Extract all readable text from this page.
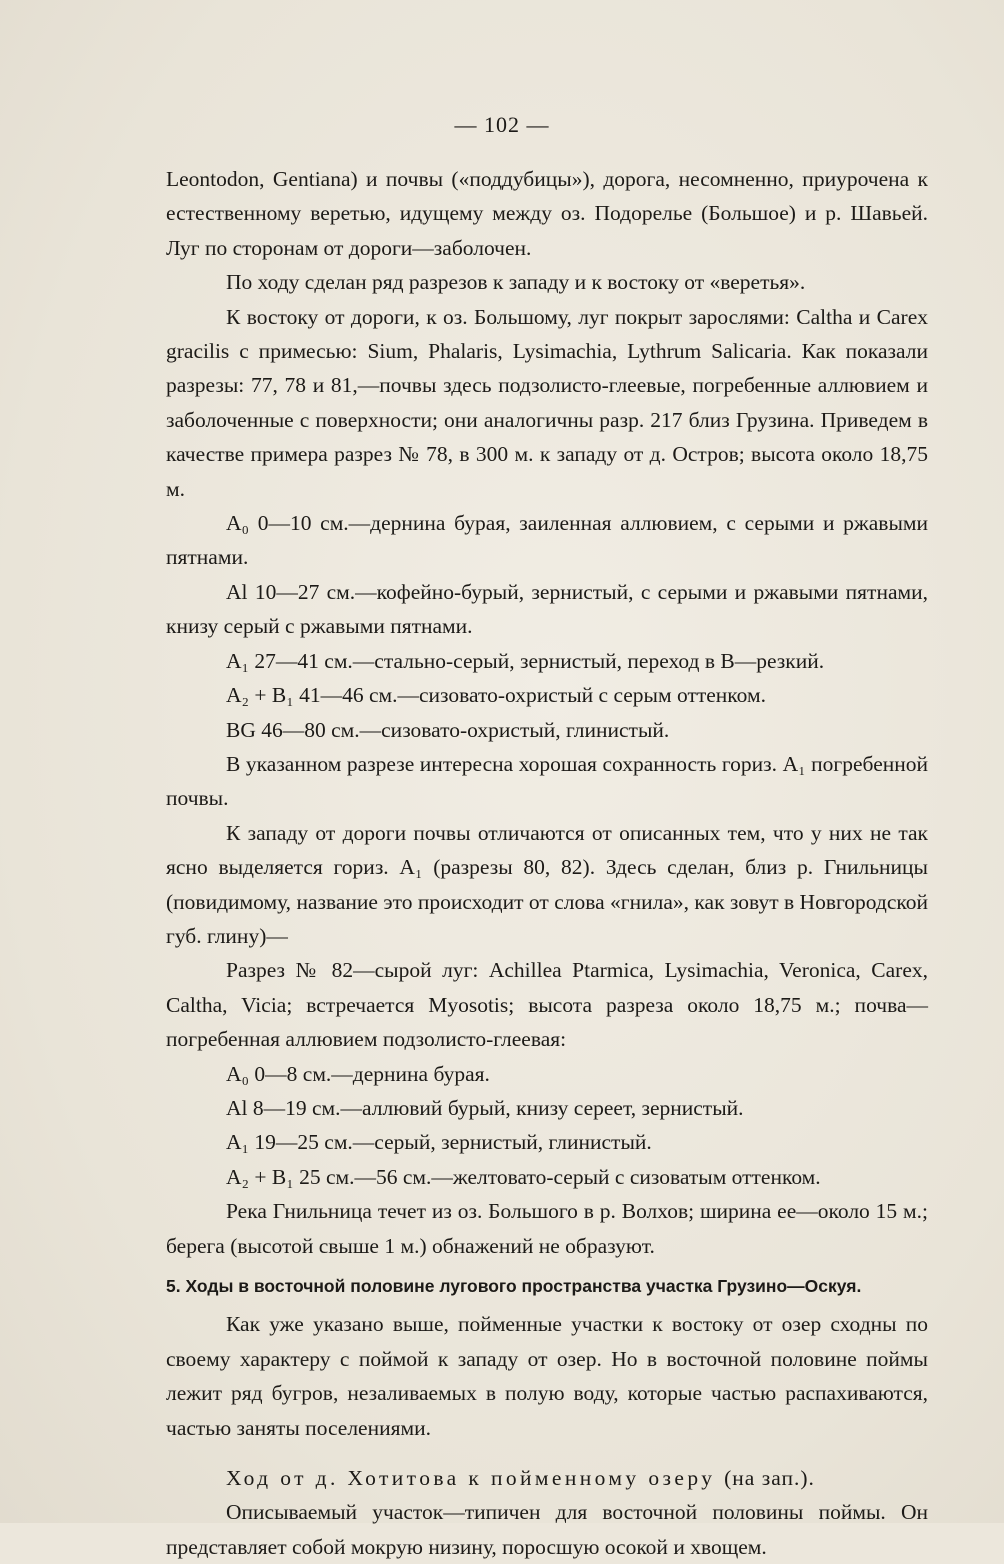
— 102 —

Leontodon, Gentiana) и почвы («поддубицы»), дорога, несомненно, приурочена к естественному веретью, идущему между оз. Подорелье (Большое) и р. Шавьей. Луг по сторонам от дороги—заболочен.

По ходу сделан ряд разрезов к западу и к востоку от «веретья».

К востоку от дороги, к оз. Большому, луг покрыт зарослями: Caltha и Carex gracilis с примесью: Sium, Phalaris, Lysimachia, Lythrum Salicaria. Как показали разрезы: 77, 78 и 81,—почвы здесь подзолисто-глеевые, погребенные аллювием и заболоченные с поверхности; они аналогичны разр. 217 близ Грузина. Приведем в качестве примера разрез № 78, в 300 м. к западу от д. Остров; высота около 18,75 м.

A₀ 0—10 см.—дернина бурая, заиленная аллювием, с серыми и ржавыми пятнами.

Al 10—27 см.—кофейно-бурый, зернистый, с серыми и ржавыми пятнами, книзу серый с ржавыми пятнами.

A₁ 27—41 см.—стально-серый, зернистый, переход в B—резкий.

A₂ + B₁ 41—46 см.—сизовато-охристый с серым оттенком.

BG 46—80 см.—сизовато-охристый, глинистый.

В указанном разрезе интересна хорошая сохранность гориз. A₁ погребенной почвы.

К западу от дороги почвы отличаются от описанных тем, что у них не так ясно выделяется гориз. A₁ (разрезы 80, 82). Здесь сделан, близ р. Гнильницы (повидимому, название это происходит от слова «гнила», как зовут в Новгородской губ. глину)—

Разрез № 82—сырой луг: Achillea Ptarmica, Lysimachia, Veronica, Carex, Caltha, Vicia; встречается Myosotis; высота разреза около 18,75 м.; почва—погребенная аллювием подзолисто-глеевая:

A₀ 0—8 см.—дернина бурая.

Al 8—19 см.—аллювий бурый, книзу сереет, зернистый.

A₁ 19—25 см.—серый, зернистый, глинистый.

A₂ + B₁ 25 см.—56 см.—желтовато-серый с сизоватым оттенком.

Река Гнильница течет из оз. Большого в р. Волхов; ширина ее—около 15 м.; берега (высотой свыше 1 м.) обнажений не образуют.

5. Ходы в восточной половине лугового пространства участка Грузино—Оскуя.

Как уже указано выше, пойменные участки к востоку от озер сходны по своему характеру с поймой к западу от озер. Но в восточной половине поймы лежит ряд бугров, незаливаемых в полую воду, которые частью распахиваются, частью заняты поселениями.

Ход от д. Хотитова к пойменному озеру (на зап.).

Описываемый участок—типичен для восточной половины поймы. Он представляет собой мокрую низину, поросшую осокой и хвощем.
